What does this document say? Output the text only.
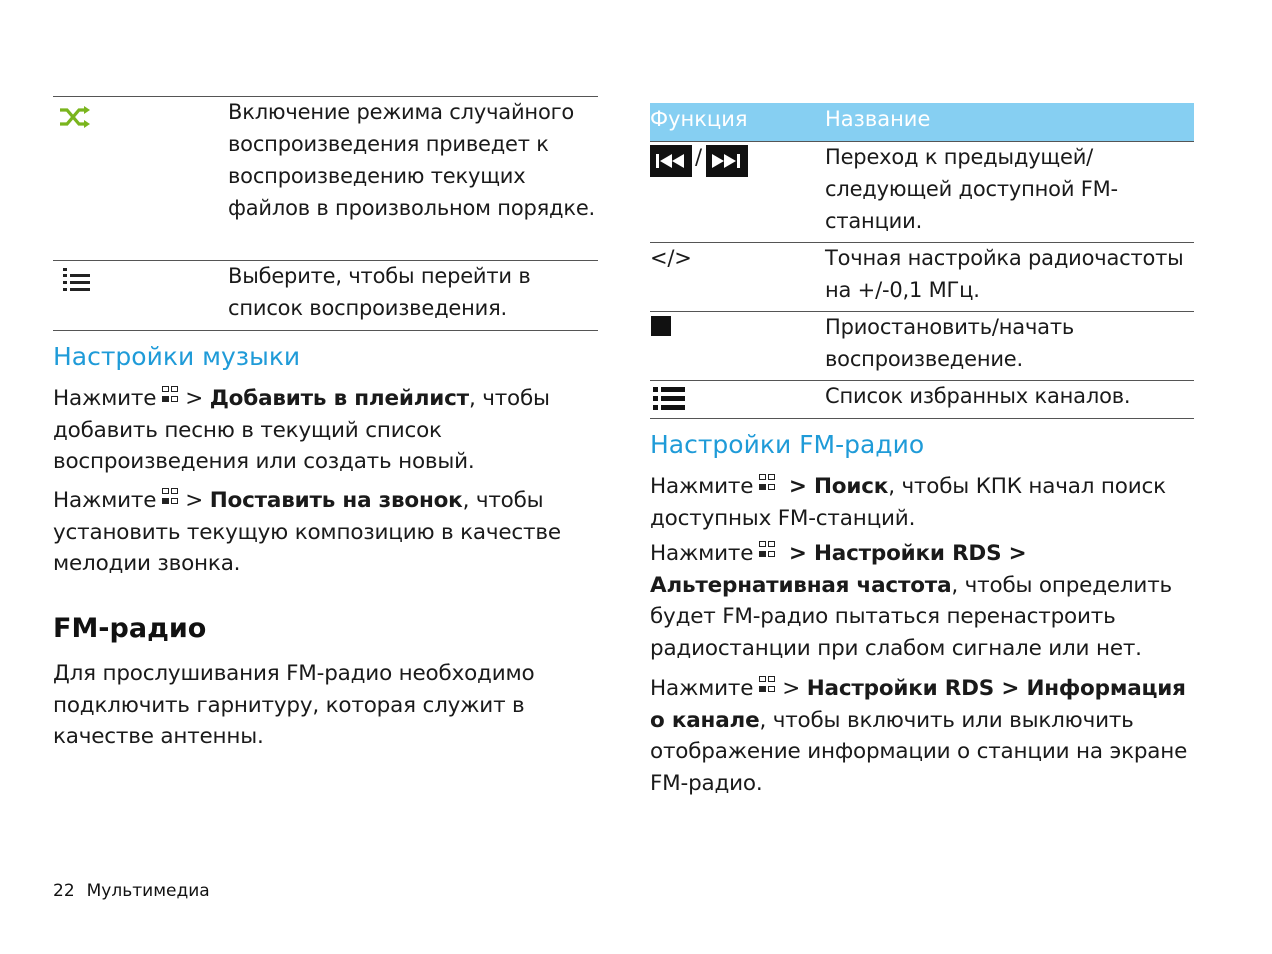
Включение режима случайного воспроизведения приведет к воспроизведению текущих файлов в произвольном порядке.
Выберите, чтобы перейти в список воспроизведения.
Настройки музыки
Нажмите > Добавить в плейлист, чтобы добавить песню в текущий список воспроизведения или создать новый.
Нажмите > Поставить на звонок, чтобы установить текущую композицию в качестве мелодии звонка.
FM-радио
Для прослушивания FM-радио необходимо подключить гарнитуру, которая служит в качестве антенны.
Функция	Название
/	Переход к предыдущей/ следующей доступной FM-станции.
</>	Точная настройка радиочастоты на +/-0,1 МГц.
Приостановить/начать воспроизведение.
Список избранных каналов.
Настройки FM-радио
Нажмите > Поиск, чтобы КПК начал поиск доступных FM-станций.
Нажмите > Настройки RDS > Альтернативная частота, чтобы определить будет FM-радио пытаться перенастроить радиостанции при слабом сигнале или нет.
Нажмите > Настройки RDS > Информация о канале, чтобы включить или выключить отображение информации о станции на экране FM-радио.
22 Мультимедиа
